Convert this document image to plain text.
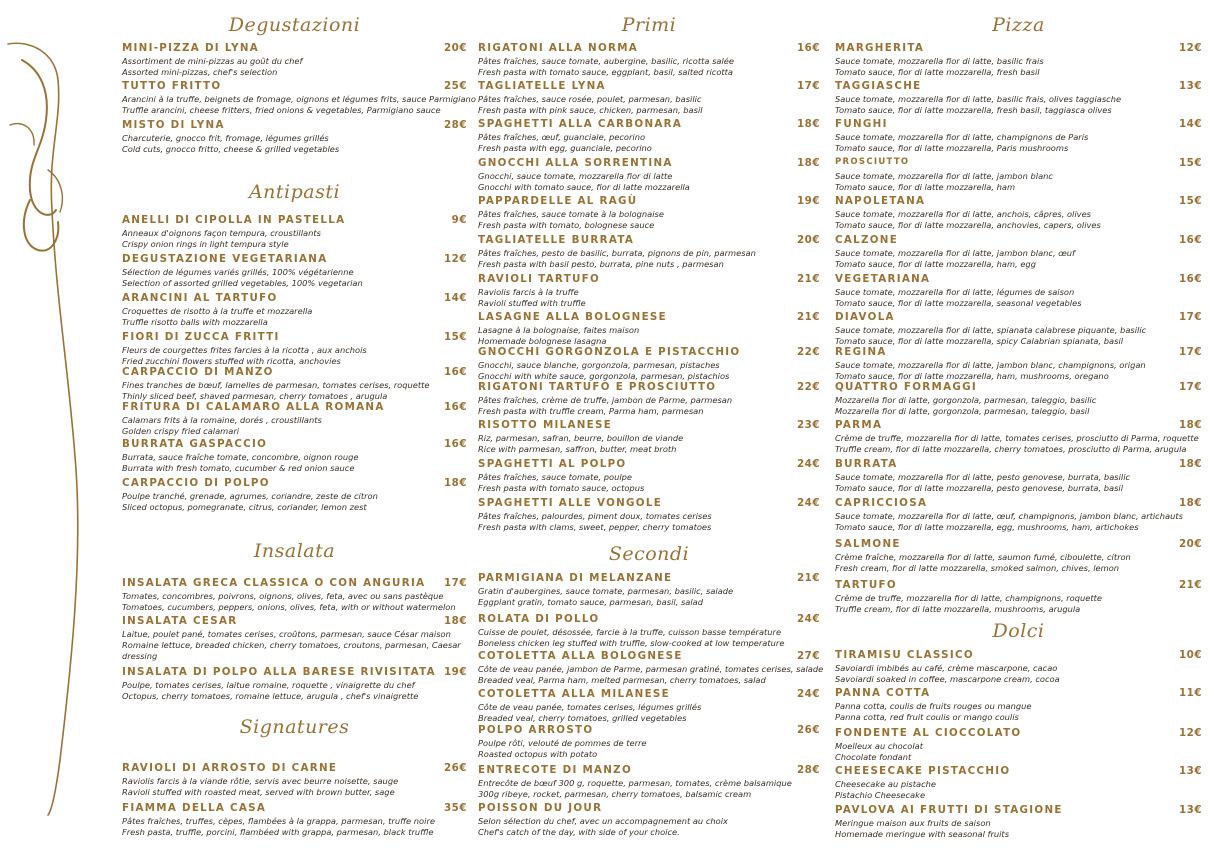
lyna
Degustazioni
MINI-PIZZA DI LYNA	20€
Assortiment de mini-pizzas au goût du chef
Assorted mini-pizzas, chef's selection
TUTTO FRITTO	25€
Arancini à la truffe, beignets de fromage, oignons et légumes frits, sauce Parmigiano
Truffle arancini, cheese fritters, fried onions & vegetables, Parmigiano sauce
MISTO DI LYNA	28€
Charcuterie, gnocco frit, fromage, légumes grillés
Cold cuts, gnocco fritto, cheese & grilled vegetables
Antipasti
ANELLI DI CIPOLLA IN PASTELLA	9€
Anneaux d'oignons façon tempura, croustillants
Crispy onion rings in light tempura style
DEGUSTAZIONE VEGETARIANA	12€
Sélection de légumes variés grillés, 100% végétarienne
Selection of assorted grilled vegetables, 100% vegetarian
ARANCINI AL TARTUFO	14€
Croquettes de risotto à la truffe et mozzarella
Truffle risotto balls with mozzarella
FIORI DI ZUCCA FRITTI	15€
Fleurs de courgettes frites farcies à la ricotta , aux anchois
Fried zucchini flowers stuffed with ricotta, anchovies
CARPACCIO DI MANZO	16€
Fines tranches de bœuf, lamelles de parmesan, tomates cerises, roquette
Thinly sliced beef, shaved parmesan, cherry tomatoes , arugula
FRITURA DI CALAMARO ALLA ROMANA	16€
Calamars frits à la romaine, dorés , croustillants
Golden crispy fried calamari
BURRATA GASPACCIO	16€
Burrata, sauce fraîche tomate, concombre, oignon rouge
Burrata with fresh tomato, cucumber & red onion sauce
CARPACCIO DI POLPO	18€
Poulpe tranché, grenade, agrumes, coriandre, zeste de citron
Sliced octopus, pomegranate, citrus, coriander, lemon zest
Insalata
INSALATA GRECA CLASSICA O CON ANGURIA 17€
Tomates, concombres, poivrons, oignons, olives, feta, avec ou sans pastèque
Tomatoes, cucumbers, peppers, onions, olives, feta, with or without watermelon
INSALATA CESAR	18€
Laitue, poulet pané, tomates cerises, croûtons, parmesan, sauce César maison
Romaine lettuce, breaded chicken, cherry tomatoes, croutons, parmesan, Caesar dressing
INSALATA DI POLPO ALLA BARESE RIVISITATA 19€
Poulpe, tomates cerises, laitue romaine, roquette , vinaigrette du chef
Octopus, cherry tomatoes, romaine lettuce, arugula , chef's vinaigrette
Signatures
RAVIOLI DI ARROSTO DI CARNE	26€
Raviolis farcis à la viande rôtie, servis avec beurre noisette, sauge
Ravioli stuffed with roasted meat, served with brown butter, sage
FIAMMA DELLA CASA	35€
Pâtes fraîches, truffes, cèpes, flambées à la grappa, parmesan, truffe noire
Fresh pasta, truffle, porcini, flambéed with grappa, parmesan, black truffle
Primi
RIGATONI ALLA NORMA	16€
Pâtes fraîches, sauce tomate, aubergine, basilic, ricotta salée
Fresh pasta with tomato sauce, eggplant, basil, salted ricotta
TAGLIATELLE LYNA	17€
Pâtes fraîches, sauce rosée, poulet, parmesan, basilic
Fresh pasta with pink sauce, chicken, parmesan, basil
SPAGHETTI ALLA CARBONARA	18€
Pâtes fraîches, œuf, guanciale, pecorino
Fresh pasta with egg, guanciale, pecorino
GNOCCHI ALLA SORRENTINA	18€
Gnocchi, sauce tomate, mozzarella fior di latte
Gnocchi with tomato sauce, fior di latte mozzarella
PAPPARDELLE AL RAGÙ	19€
Pâtes fraîches, sauce tomate à la bolognaise
Fresh pasta with tomato, bolognese sauce
TAGLIATELLE BURRATA	20€
Pâtes fraîches, pesto de basilic, burrata, pignons de pin, parmesan
Fresh pasta with basil pesto, burrata, pine nuts , parmesan
RAVIOLI TARTUFO	21€
Raviolis farcis à la truffe
Ravioli stuffed with truffle
LASAGNE ALLA BOLOGNESE	21€
Lasagne à la bolognaise, faites maison
Homemade bolognese lasagna
GNOCCHI GORGONZOLA E PISTACCHIO	22€
Gnocchi, sauce blanche, gorgonzola, parmesan, pistaches
Gnocchi with white sauce, gorgonzola, parmesan, pistachios
RIGATONI TARTUFO E PROSCIUTTO	22€
Pâtes fraîches, crème de truffe, jambon de Parme, parmesan
Fresh pasta with truffle cream, Parma ham, parmesan
RISOTTO MILANESE	23€
Riz, parmesan, safran, beurre, bouillon de viande
Rice with parmesan, saffron, butter, meat broth
SPAGHETTI AL POLPO	24€
Pâtes fraîches, sauce tomate, poulpe
Fresh pasta with tomato sauce, octopus
SPAGHETTI ALLE VONGOLE	24€
Pâtes fraîches, palourdes, piment doux, tomates cerises
Fresh pasta with clams, sweet, pepper, cherry tomatoes
Secondi
PARMIGIANA DI MELANZANE	21€
Gratin d'aubergines, sauce tomate, parmesan, basilic, salade
Eggplant gratin, tomato sauce, parmesan, basil, salad
ROLATA DI POLLO	24€
Cuisse de poulet, désossée, farcie à la truffe, cuisson basse température
Boneless chicken leg stuffed with truffle, slow-cooked at low temperature
COTOLETTA ALLA BOLOGNESE	27€
Côte de veau panée, jambon de Parme, parmesan gratiné, tomates cerises, salade
Breaded veal, Parma ham, melted parmesan, cherry tomatoes, salad
COTOLETTA ALLA MILANESE	24€
Côte de veau panée, tomates cerises, légumes grillés
Breaded veal, cherry tomatoes, grilled vegetables
POLPO ARROSTO	26€
Poulpe rôti, velouté de pommes de terre
Roasted octopus with potato
ENTRECOTE DI MANZO	28€
Entrecôte de bœuf 300 g, roquette, parmesan, tomates, crème balsamique
300g ribeye, rocket, parmesan, cherry tomatoes, balsamic cream
POISSON DU JOUR
Selon sélection du chef, avec un accompagnement au choix
Chef's catch of the day, with side of your choice.
Pizza
MARGHERITA	12€
Sauce tomate, mozzarella fior di latte, basilic frais
Tomato sauce, fior di latte mozzarella, fresh basil
TAGGIASCHE	13€
Sauce tomate, mozzarella fior di latte, basilic frais, olives taggiasche
Tomato sauce, fior di latte mozzarella, fresh basil, taggiasca olives
FUNGHI	14€
Sauce tomate, mozzarella fior di latte, champignons de Paris
Tomato sauce, fior di latte mozzarella, Paris mushrooms
PROSCIUTTO	15€
Sauce tomate, mozzarella fior di latte, jambon blanc
Tomato sauce, fior di latte mozzarella, ham
NAPOLETANA	15€
Sauce tomate, mozzarella fior di latte, anchois, câpres, olives
Tomato sauce, fior di latte mozzarella, anchovies, capers, olives
CALZONE	16€
Sauce tomate, mozzarella fior di latte, jambon blanc, œuf
Tomato sauce, fior di latte mozzarella, ham, egg
VEGETARIANA	16€
Sauce tomate, mozzarella fior di latte, légumes de saison
Tomato sauce, fior di latte mozzarella, seasonal vegetables
DIAVOLA	17€
Sauce tomate, mozzarella fior di latte, spianata calabrese piquante, basilic
Tomato sauce, fior di latte mozzarella, spicy Calabrian spianata, basil
REGINA	17€
Sauce tomate, mozzarella fior di latte, jambon blanc, champignons, origan
Tomato sauce, fior di latte mozzarella, ham, mushrooms, oregano
QUATTRO FORMAGGI	17€
Mozzarella fior di latte, gorgonzola, parmesan, taleggio, basilic
Mozzarella fior di latte, gorgonzola, parmesan, taleggio, basil
PARMA	18€
Crème de truffe, mozzarella fior di latte, tomates cerises, prosciutto di Parma, roquette
Truffle cream, fior di latte mozzarella, cherry tomatoes, prosciutto di Parma, arugula
BURRATA	18€
Sauce tomate, mozzarella fior di latte, pesto genovese, burrata, basilic
Tomato sauce, fior di latte mozzarella, pesto genovese, burrata, basil
CAPRICCIOSA	18€
Sauce tomate, mozzarella fior di latte, œuf, champignons, jambon blanc, artichauts
Tomato sauce, fior di latte mozzarella, egg, mushrooms, ham, artichokes
SALMONE	20€
Crème fraîche, mozzarella fior di latte, saumon fumé, ciboulette, citron
Fresh cream, fior di latte mozzarella, smoked salmon, chives, lemon
TARTUFO	21€
Crème de truffe, mozzarella fior di latte, champignons, roquette
Truffle cream, fior di latte mozzarella, mushrooms, arugula
Dolci
TIRAMISU CLASSICO	10€
Savoiardi imbibés au café, crème mascarpone, cacao
Savoiardi soaked in coffee, mascarpone cream, cocoa
PANNA COTTA	11€
Panna cotta, coulis de fruits rouges ou mangue
Panna cotta, red fruit coulis or mango coulis
FONDENTE AL CIOCCOLATO	12€
Moelleux au chocolat
Chocolate fondant
CHEESECAKE PISTACCHIO	13€
Cheesecake au pistache
Pistachio Cheesecake
PAVLOVA AI FRUTTI DI STAGIONE	13€
Meringue maison aux fruits de saison
Homemade meringue with seasonal fruits
